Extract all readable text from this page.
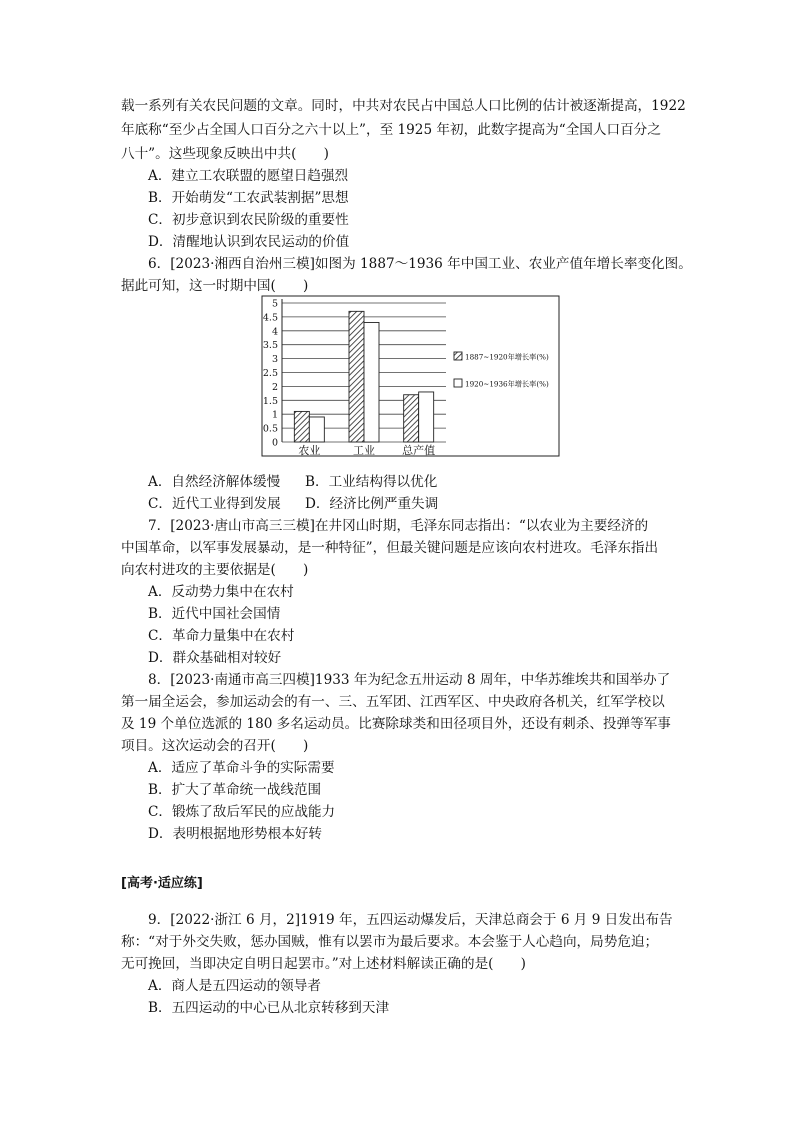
载一系列有关农民问题的文章。同时，中共对农民占中国总人口比例的估计被逐渐提高，1922
年底称“至少占全国人口百分之六十以上”，至 1925 年初，此数字提高为“全国人口百分之
八十”。这些现象反映出中共(　　)
A．建立工农联盟的愿望日趋强烈
B．开始萌发“工农武装割据”思想
C．初步意识到农民阶级的重要性
D．清醒地认识到农民运动的价值
6．[2023·湘西自治州三模]如图为 1887～1936 年中国工业、农业产值年增长率变化图。
据此可知，这一时期中国(　　)
0
0.5
1
1.5
2
2.5
3
3.5
4
4.5
5
农业	工业 总产值
1887~1920年增长率(%)
1920~1936年增长率(%)
A．自然经济解体缓慢 B．工业结构得以优化
C．近代工业得到发展 D．经济比例严重失调
7．[2023·唐山市高三三模]在井冈山时期，毛泽东同志指出：“以农业为主要经济的
中国革命，以军事发展暴动，是一种特征”，但最关键问题是应该向农村进攻。毛泽东指出
向农村进攻的主要依据是(　　)
A．反动势力集中在农村
B．近代中国社会国情
C．革命力量集中在农村
D．群众基础相对较好
8．[2023·南通市高三四模]1933 年为纪念五卅运动 8 周年，中华苏维埃共和国举办了
第一届全运会，参加运动会的有一、三、五军团、江西军区、中央政府各机关，红军学校以
及 19 个单位选派的 180 多名运动员。比赛除球类和田径项目外，还设有刺杀、投弹等军事
项目。这次运动会的召开(　　)
A．适应了革命斗争的实际需要
B．扩大了革命统一战线范围
C．锻炼了敌后军民的应战能力
D．表明根据地形势根本好转
[高考·适应练]
9．[2022·浙江 6 月，2]1919 年，五四运动爆发后，天津总商会于 6 月 9 日发出布告
称：“对于外交失败，惩办国贼，惟有以罢市为最后要求。本会鉴于人心趋向，局势危迫；
无可挽回，当即决定自明日起罢市。”对上述材料解读正确的是(　　)
A．商人是五四运动的领导者
B．五四运动的中心已从北京转移到天津
